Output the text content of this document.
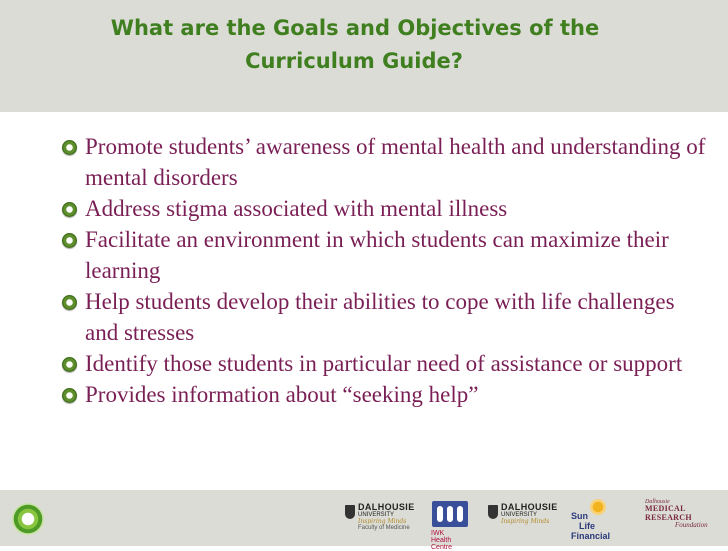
What are the Goals and Objectives of the
Curriculum Guide?
Promote students’ awareness of mental health and understanding of mental disorders
Address stigma associated with mental illness
Facilitate an environment in which students can maximize their learning
Help students develop their abilities to cope with life challenges and stresses
Identify those students in particular need of assistance or support
Provides information about “seeking help”
DALHOUSIE
UNIVERSITY
Inspiring Minds
Faculty of Medicine
IWK Health Centre
DALHOUSIE
UNIVERSITY
Inspiring Minds
Sun
Life Financial
Dalhousie
MEDICAL RESEARCH
Foundation
